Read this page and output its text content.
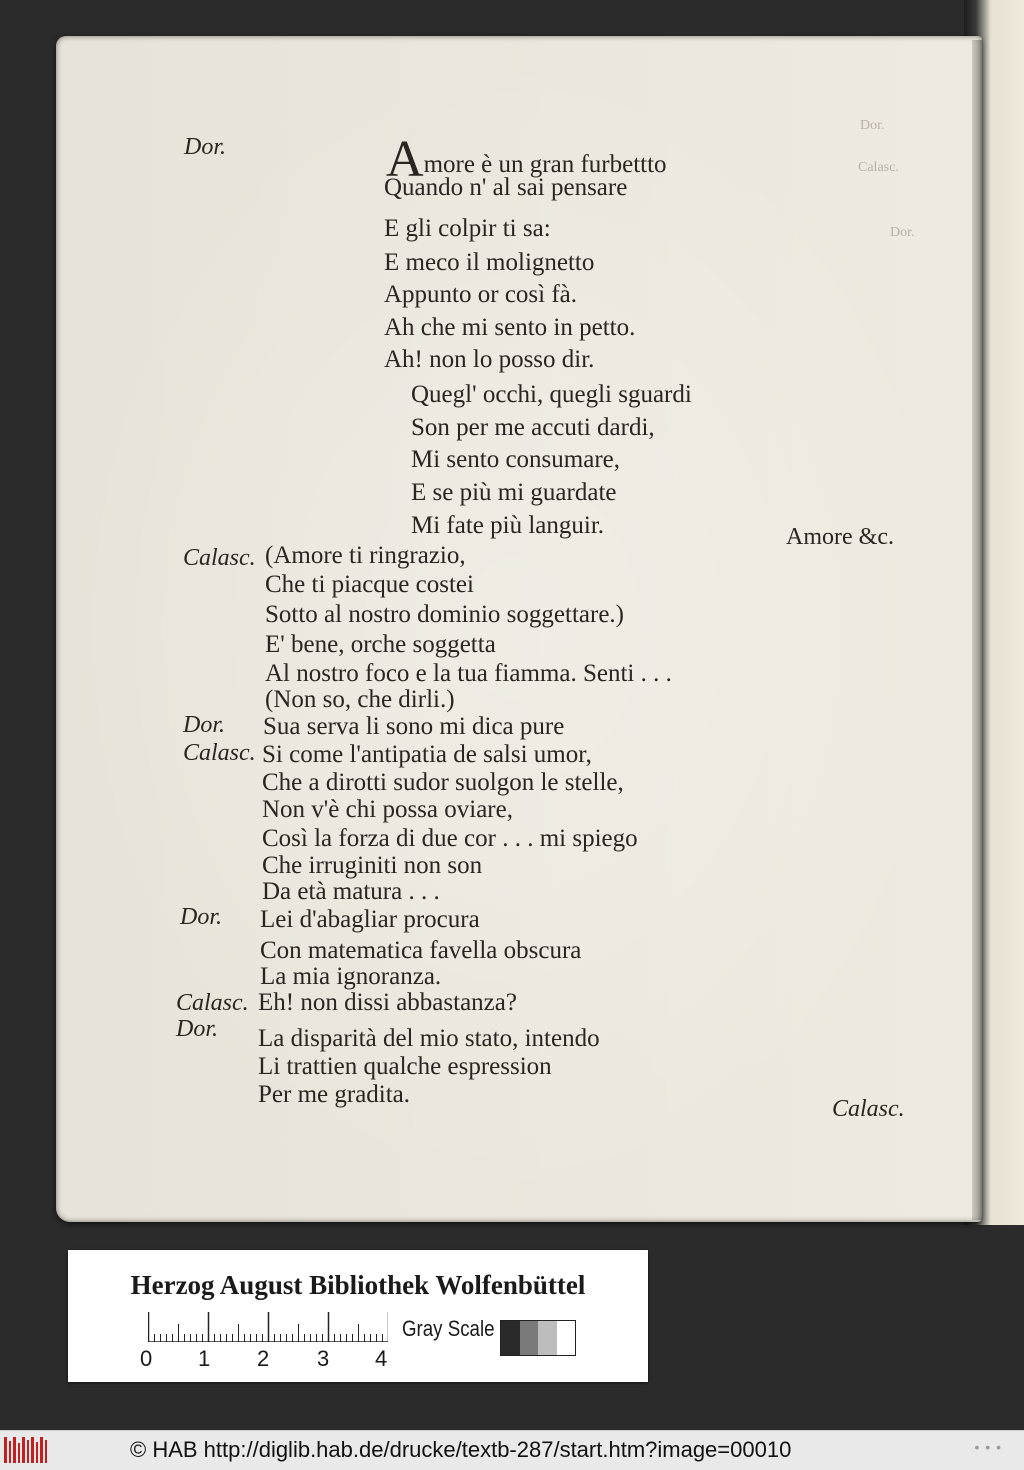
Dor.
Calasc.
Dor.
Dor.	Amore è un gran furbettto
Quando n' al sai pensare
E gli colpir ti sa:
E meco il molignetto
Appunto or così fà.
Ah che mi sento in petto.
Ah! non lo posso dir.
Quegl' occhi, quegli sguardi
Son per me accuti dardi,
Mi sento consumare,
E se più mi guardate
Mi fate più languir.	Amore &c.
Calasc. (Amore ti ringrazio,
Che ti piacque costei
Sotto al nostro dominio soggettare.)
E' bene, orche soggetta
Al nostro foco e la tua fiamma. Senti . . .
(Non so, che dirli.)
Dor. Sua serva li sono mi dica pure
Calasc. Si come l'antipatia de salsi umor,
Che a dirotti sudor suolgon le stelle,
Non v'è chi possa oviare,
Così la forza di due cor . . . mi spiego
Che irruginiti non son
Da età matura . . .
Dor. Lei d'abagliar procura
Con matematica favella obscura
La mia ignoranza.
Calasc. Eh! non dissi abbastanza?
Dor. La disparità del mio stato, intendo
Li trattien qualche espression
Per me gradita.
Calasc.
Herzog August Bibliothek Wolfenbüttel
0 1 2 3 4
Gray Scale
© HAB http://diglib.hab.de/drucke/textb-287/start.htm?image=00010	• • •
